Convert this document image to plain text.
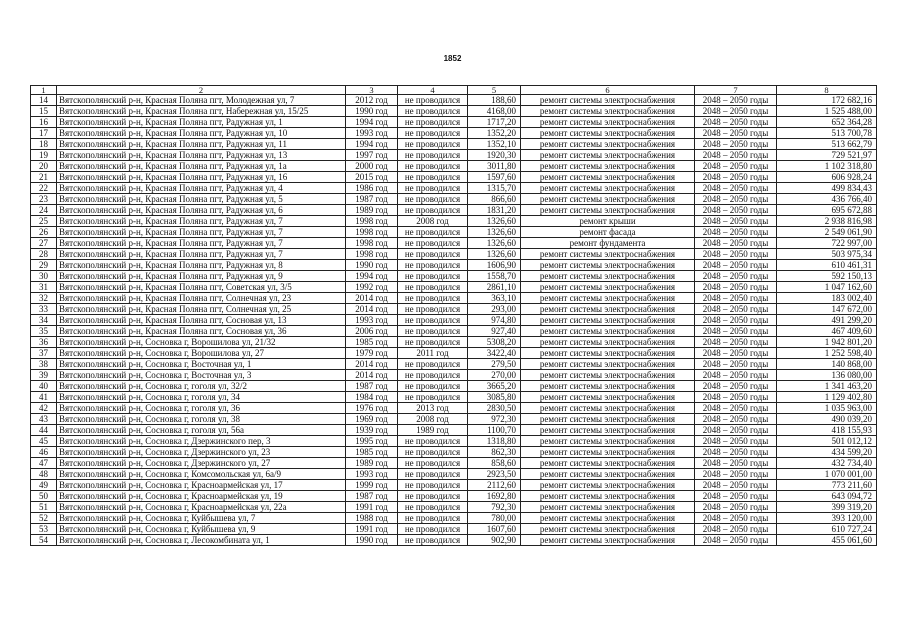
1852
1	2	3	4	5	6	7	8
14	Вятскополянский р-н, Красная Поляна пгт, Молодежная ул, 7	2012 год	не проводился	188,60	ремонт системы электроснабжения	2048 – 2050 годы	172 682,16
15	Вятскополянский р-н, Красная Поляна пгт, Набережная ул, 15/25	1990 год	не проводился	4168,00	ремонт системы электроснабжения	2048 – 2050 годы	1 525 488,00
16	Вятскополянский р-н, Красная Поляна пгт, Радужная ул, 1	1994 год	не проводился	1717,20	ремонт системы электроснабжения	2048 – 2050 годы	652 364,28
17	Вятскополянский р-н, Красная Поляна пгт, Радужная ул, 10	1993 год	не проводился	1352,20	ремонт системы электроснабжения	2048 – 2050 годы	513 700,78
18	Вятскополянский р-н, Красная Поляна пгт, Радужная ул, 11	1994 год	не проводился	1352,10	ремонт системы электроснабжения	2048 – 2050 годы	513 662,79
19	Вятскополянский р-н, Красная Поляна пгт, Радужная ул, 13	1997 год	не проводился	1920,30	ремонт системы электроснабжения	2048 – 2050 годы	729 521,97
20	Вятскополянский р-н, Красная Поляна пгт, Радужная ул, 1а	2000 год	не проводился	3011,80	ремонт системы электроснабжения	2048 – 2050 годы	1 102 318,80
21	Вятскополянский р-н, Красная Поляна пгт, Радужная ул, 16	2015 год	не проводился	1597,60	ремонт системы электроснабжения	2048 – 2050 годы	606 928,24
22	Вятскополянский р-н, Красная Поляна пгт, Радужная ул, 4	1986 год	не проводился	1315,70	ремонт системы электроснабжения	2048 – 2050 годы	499 834,43
23	Вятскополянский р-н, Красная Поляна пгт, Радужная ул, 5	1987 год	не проводился	866,60	ремонт системы электроснабжения	2048 – 2050 годы	436 766,40
24	Вятскополянский р-н, Красная Поляна пгт, Радужная ул, 6	1989 год	не проводился	1831,20	ремонт системы электроснабжения	2048 – 2050 годы	695 672,88
25	Вятскополянский р-н, Красная Поляна пгт, Радужная ул, 7	1998 год	2008 год	1326,60	ремонт крыши	2048 – 2050 годы	2 938 816,98
26	Вятскополянский р-н, Красная Поляна пгт, Радужная ул, 7	1998 год	не проводился	1326,60	ремонт фасада	2048 – 2050 годы	2 549 061,90
27	Вятскополянский р-н, Красная Поляна пгт, Радужная ул, 7	1998 год	не проводился	1326,60	ремонт фундамента	2048 – 2050 годы	722 997,00
28	Вятскополянский р-н, Красная Поляна пгт, Радужная ул, 7	1998 год	не проводился	1326,60	ремонт системы электроснабжения	2048 – 2050 годы	503 975,34
29	Вятскополянский р-н, Красная Поляна пгт, Радужная ул, 8	1990 год	не проводился	1606,90	ремонт системы электроснабжения	2048 – 2050 годы	610 461,31
30	Вятскополянский р-н, Красная Поляна пгт, Радужная ул, 9	1994 год	не проводился	1558,70	ремонт системы электроснабжения	2048 – 2050 годы	592 150,13
31	Вятскополянский р-н, Красная Поляна пгт, Советская ул, 3/5	1992 год	не проводился	2861,10	ремонт системы электроснабжения	2048 – 2050 годы	1 047 162,60
32	Вятскополянский р-н, Красная Поляна пгт, Солнечная ул, 23	2014 год	не проводился	363,10	ремонт системы электроснабжения	2048 – 2050 годы	183 002,40
33	Вятскополянский р-н, Красная Поляна пгт, Солнечная ул, 25	2014 год	не проводился	293,00	ремонт системы электроснабжения	2048 – 2050 годы	147 672,00
34	Вятскополянский р-н, Красная Поляна пгт, Сосновая ул, 13	1993 год	не проводился	974,80	ремонт системы электроснабжения	2048 – 2050 годы	491 299,20
35	Вятскополянский р-н, Красная Поляна пгт, Сосновая ул, 36	2006 год	не проводился	927,40	ремонт системы электроснабжения	2048 – 2050 годы	467 409,60
36	Вятскополянский р-н, Сосновка г, Ворошилова ул, 21/32	1985 год	не проводился	5308,20	ремонт системы электроснабжения	2048 – 2050 годы	1 942 801,20
37	Вятскополянский р-н, Сосновка г, Ворошилова ул, 27	1979 год	2011 год	3422,40	ремонт системы электроснабжения	2048 – 2050 годы	1 252 598,40
38	Вятскополянский р-н, Сосновка г, Восточная ул, 1	2014 год	не проводился	279,50	ремонт системы электроснабжения	2048 – 2050 годы	140 868,00
39	Вятскополянский р-н, Сосновка г, Восточная ул, 3	2014 год	не проводился	270,00	ремонт системы электроснабжения	2048 – 2050 годы	136 080,00
40	Вятскополянский р-н, Сосновка г, гоголя ул, 32/2	1987 год	не проводился	3665,20	ремонт системы электроснабжения	2048 – 2050 годы	1 341 463,20
41	Вятскополянский р-н, Сосновка г, гоголя ул, 34	1984 год	не проводился	3085,80	ремонт системы электроснабжения	2048 – 2050 годы	1 129 402,80
42	Вятскополянский р-н, Сосновка г, гоголя ул, 36	1976 год	2013 год	2830,50	ремонт системы электроснабжения	2048 – 2050 годы	1 035 963,00
43	Вятскополянский р-н, Сосновка г, гоголя ул, 38	1969 год	2008 год	972,30	ремонт системы электроснабжения	2048 – 2050 годы	490 039,20
44	Вятскополянский р-н, Сосновка г, гоголя ул, 56а	1939 год	1989 год	1100,70	ремонт системы электроснабжения	2048 – 2050 годы	418 155,93
45	Вятскополянский р-н, Сосновка г, Дзержинского пер, 3	1995 год	не проводился	1318,80	ремонт системы электроснабжения	2048 – 2050 годы	501 012,12
46	Вятскополянский р-н, Сосновка г, Дзержинского ул, 23	1985 год	не проводился	862,30	ремонт системы электроснабжения	2048 – 2050 годы	434 599,20
47	Вятскополянский р-н, Сосновка г, Дзержинского ул, 27	1989 год	не проводился	858,60	ремонт системы электроснабжения	2048 – 2050 годы	432 734,40
48	Вятскополянский р-н, Сосновка г, Комсомольская ул, 6а/9	1993 год	не проводился	2923,50	ремонт системы электроснабжения	2048 – 2050 годы	1 070 001,00
49	Вятскополянский р-н, Сосновка г, Красноармейская ул, 17	1999 год	не проводился	2112,60	ремонт системы электроснабжения	2048 – 2050 годы	773 211,60
50	Вятскополянский р-н, Сосновка г, Красноармейская ул, 19	1987 год	не проводился	1692,80	ремонт системы электроснабжения	2048 – 2050 годы	643 094,72
51	Вятскополянский р-н, Сосновка г, Красноармейская ул, 22а	1991 год	не проводился	792,30	ремонт системы электроснабжения	2048 – 2050 годы	399 319,20
52	Вятскополянский р-н, Сосновка г, Куйбышева ул, 7	1988 год	не проводился	780,00	ремонт системы электроснабжения	2048 – 2050 годы	393 120,00
53	Вятскополянский р-н, Сосновка г, Куйбышева ул, 9	1991 год	не проводился	1607,60	ремонт системы электроснабжения	2048 – 2050 годы	610 727,24
54	Вятскополянский р-н, Сосновка г, Лесокомбината ул, 1	1990 год	не проводился	902,90	ремонт системы электроснабжения	2048 – 2050 годы	455 061,60
